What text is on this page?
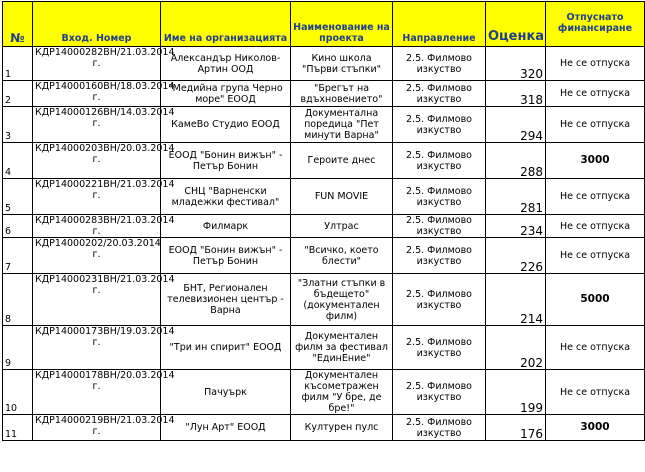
№	Вход. Номер	Име на организацията	Наименование на проекта	Направление	Оценка	Отпуснато финансиране
1	КДР14000282ВН/21.03.2014 г.	Александър Николов-Артин ООД	Кино школа "Първи стъпки"	2.5. Филмово изкуство	320	Не се отпуска
2	КДР14000160ВН/18.03.2014 г.	"Медийна група Черно море" ЕООД	"Брегът на вдъхновението"	2.5. Филмово изкуство	318	Не се отпуска
3	КДР14000126ВН/14.03.2014 г.	КамеВо Студио ЕООД	Документална поредица "Пет минути Варна"	2.5. Филмово изкуство	294	Не се отпуска
4	КДР14000203ВН/20.03.2014 г.	ЕООД "Бонин вижън" - Петър Бонин	Героите днес	2.5. Филмово изкуство	288	3000
5	КДР14000221ВН/21.03.2014 г.	СНЦ "Варненски младежки фестивал"	FUN MOVIE	2.5. Филмово изкуство	281	Не се отпуска
6	КДР14000283ВН/21.03.2014 г.	Филмарк	Ултрас	2.5. Филмово изкуство	234	Не се отпуска
7	КДР14000202/20.03.2014 г.	ЕООД "Бонин вижън" - Петър Бонин	"Всичко, което блести"	2.5. Филмово изкуство	226	Не се отпуска
8	КДР14000231ВН/21.03.2014 г.	БНТ, Регионален телевизионен център - Варна	"Златни стъпки в бъдещето" (документален филм)	2.5. Филмово изкуство	214	5000
9	КДР14000173ВН/19.03.2014 г.	"Три ин спирит" ЕООД	Документален филм за фестивал "ЕдинЕние"	2.5. Филмово изкуство	202	Не се отпуска
10	КДР14000178ВН/20.03.2014 г.	Пачуърк	Документален късометражен филм "У бре, де бре!"	2.5. Филмово изкуство	199	Не се отпуска
11	КДР14000219ВН/21.03.2014 г.	"Лун Арт" ЕООД	Културен пулс	2.5. Филмово изкуство	176	3000
